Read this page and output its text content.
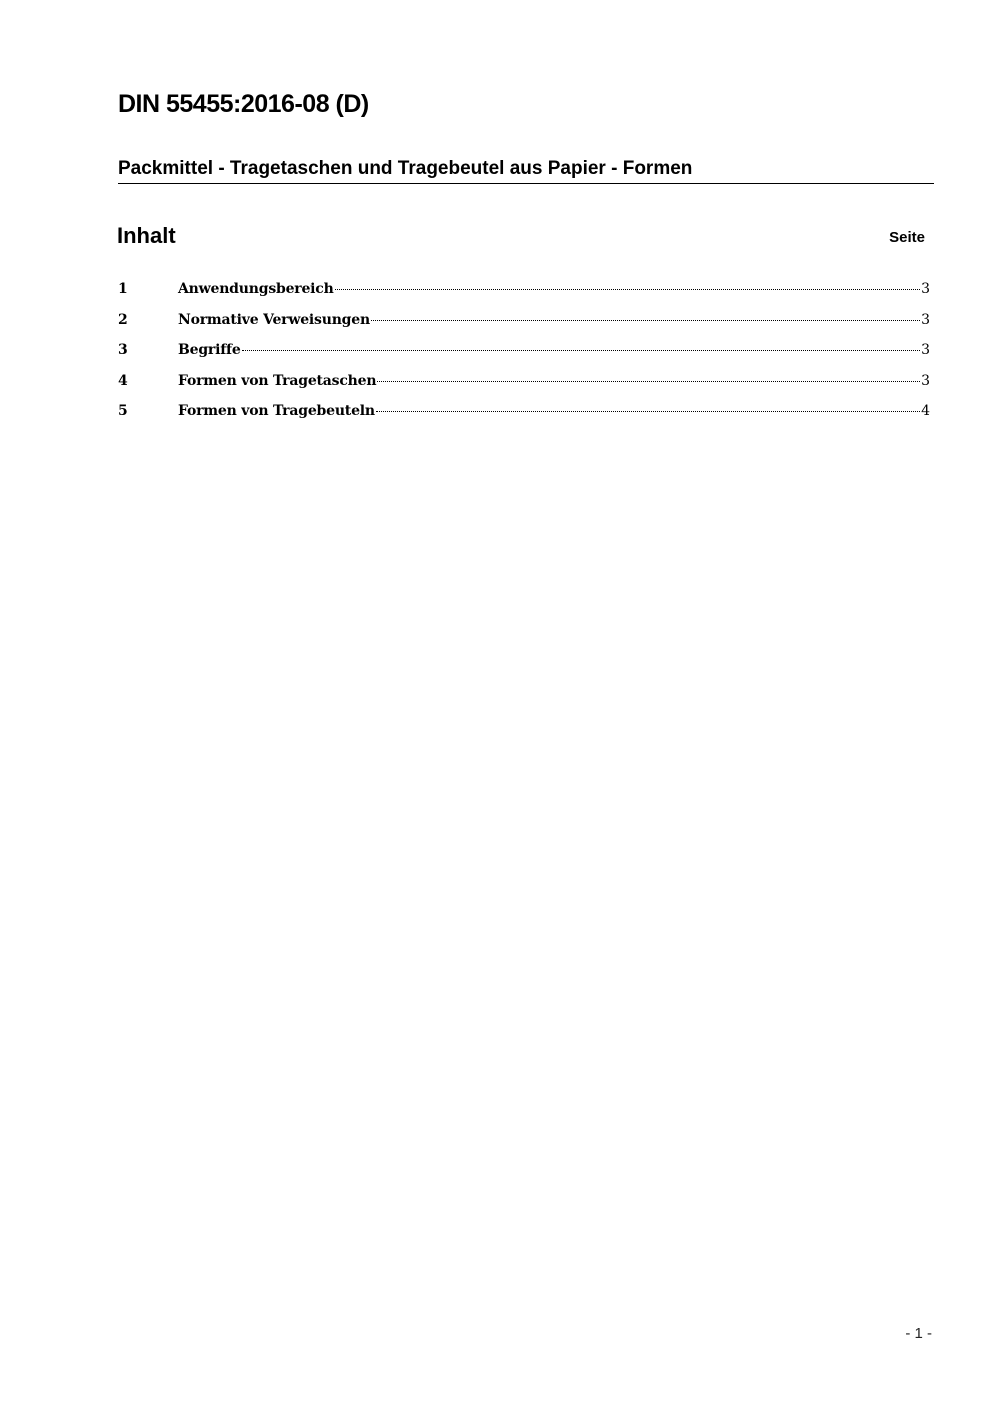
DIN 55455:2016-08 (D)
Packmittel - Tragetaschen und Tragebeutel aus Papier - Formen
Inhalt	Seite
1	Anwendungsbereich	3
2	Normative Verweisungen	3
3	Begriffe	3
4	Formen von Tragetaschen	3
5	Formen von Tragebeuteln	4
- 1 -
